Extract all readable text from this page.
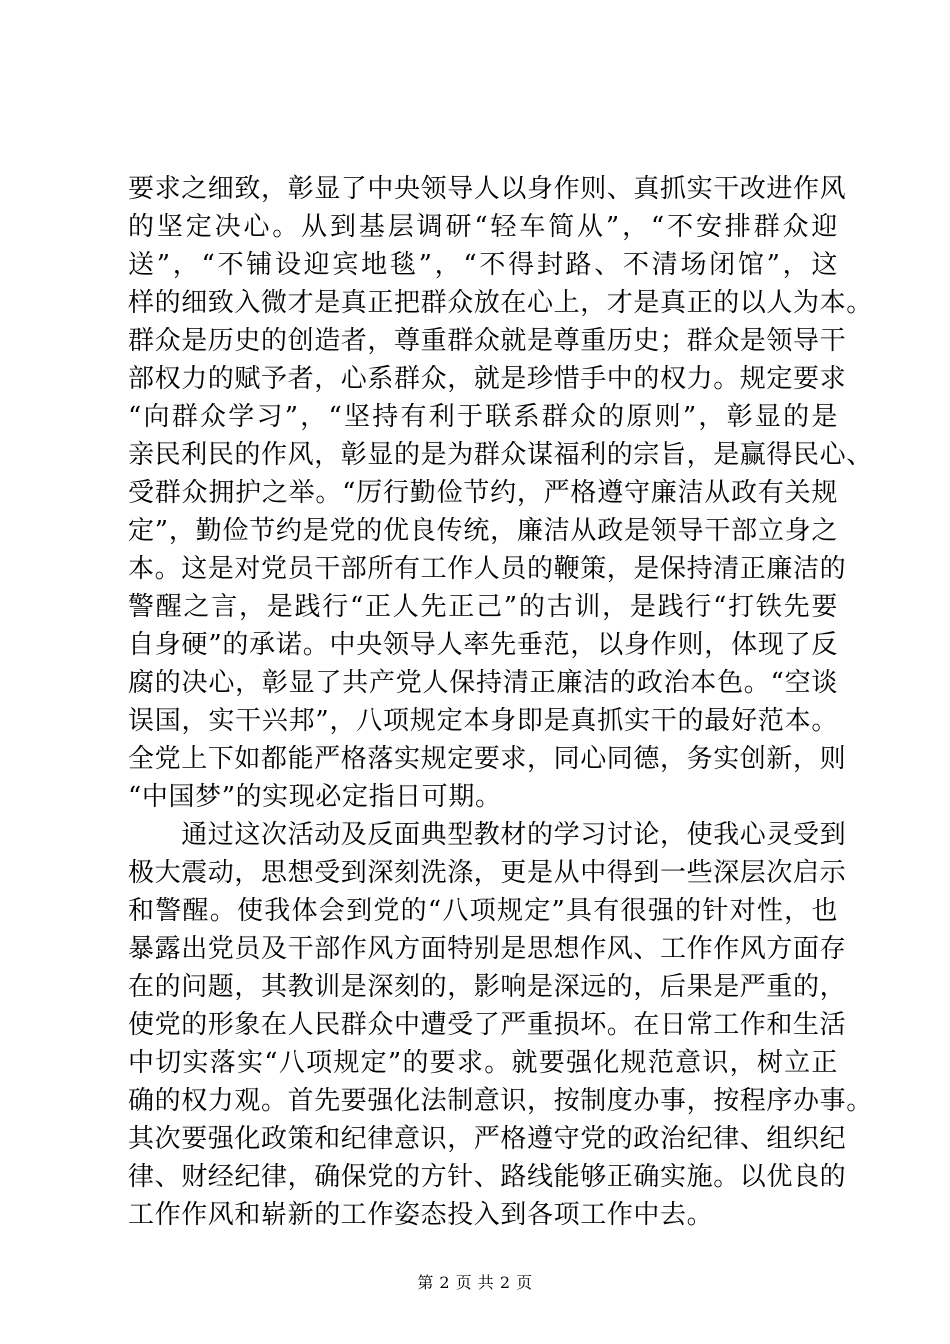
要求之细致，彰显了中央领导人以身作则、真抓实干改进作风
的坚定决心。从到基层调研“轻车简从”，“不安排群众迎
送”，“不铺设迎宾地毯”，“不得封路、不清场闭馆”，这
样的细致入微才是真正把群众放在心上，才是真正的以人为本。
群众是历史的创造者，尊重群众就是尊重历史；群众是领导干
部权力的赋予者，心系群众，就是珍惜手中的权力。规定要求
“向群众学习”，“坚持有利于联系群众的原则”，彰显的是
亲民利民的作风，彰显的是为群众谋福利的宗旨，是赢得民心、
受群众拥护之举。“厉行勤俭节约，严格遵守廉洁从政有关规
定”，勤俭节约是党的优良传统，廉洁从政是领导干部立身之
本。这是对党员干部所有工作人员的鞭策，是保持清正廉洁的
警醒之言，是践行“正人先正己”的古训，是践行“打铁先要
自身硬”的承诺。中央领导人率先垂范，以身作则，体现了反
腐的决心，彰显了共产党人保持清正廉洁的政治本色。“空谈
误国，实干兴邦”，八项规定本身即是真抓实干的最好范本。
全党上下如都能严格落实规定要求，同心同德，务实创新，则
“中国梦”的实现必定指日可期。
　　通过这次活动及反面典型教材的学习讨论，使我心灵受到
极大震动，思想受到深刻洗涤，更是从中得到一些深层次启示
和警醒。使我体会到党的“八项规定”具有很强的针对性，也
暴露出党员及干部作风方面特别是思想作风、工作作风方面存
在的问题，其教训是深刻的，影响是深远的，后果是严重的，
使党的形象在人民群众中遭受了严重损坏。在日常工作和生活
中切实落实“八项规定”的要求。就要强化规范意识，树立正
确的权力观。首先要强化法制意识，按制度办事，按程序办事。
其次要强化政策和纪律意识，严格遵守党的政治纪律、组织纪
律、财经纪律，确保党的方针、路线能够正确实施。以优良的
工作作风和崭新的工作姿态投入到各项工作中去。
第 2 页 共 2 页
